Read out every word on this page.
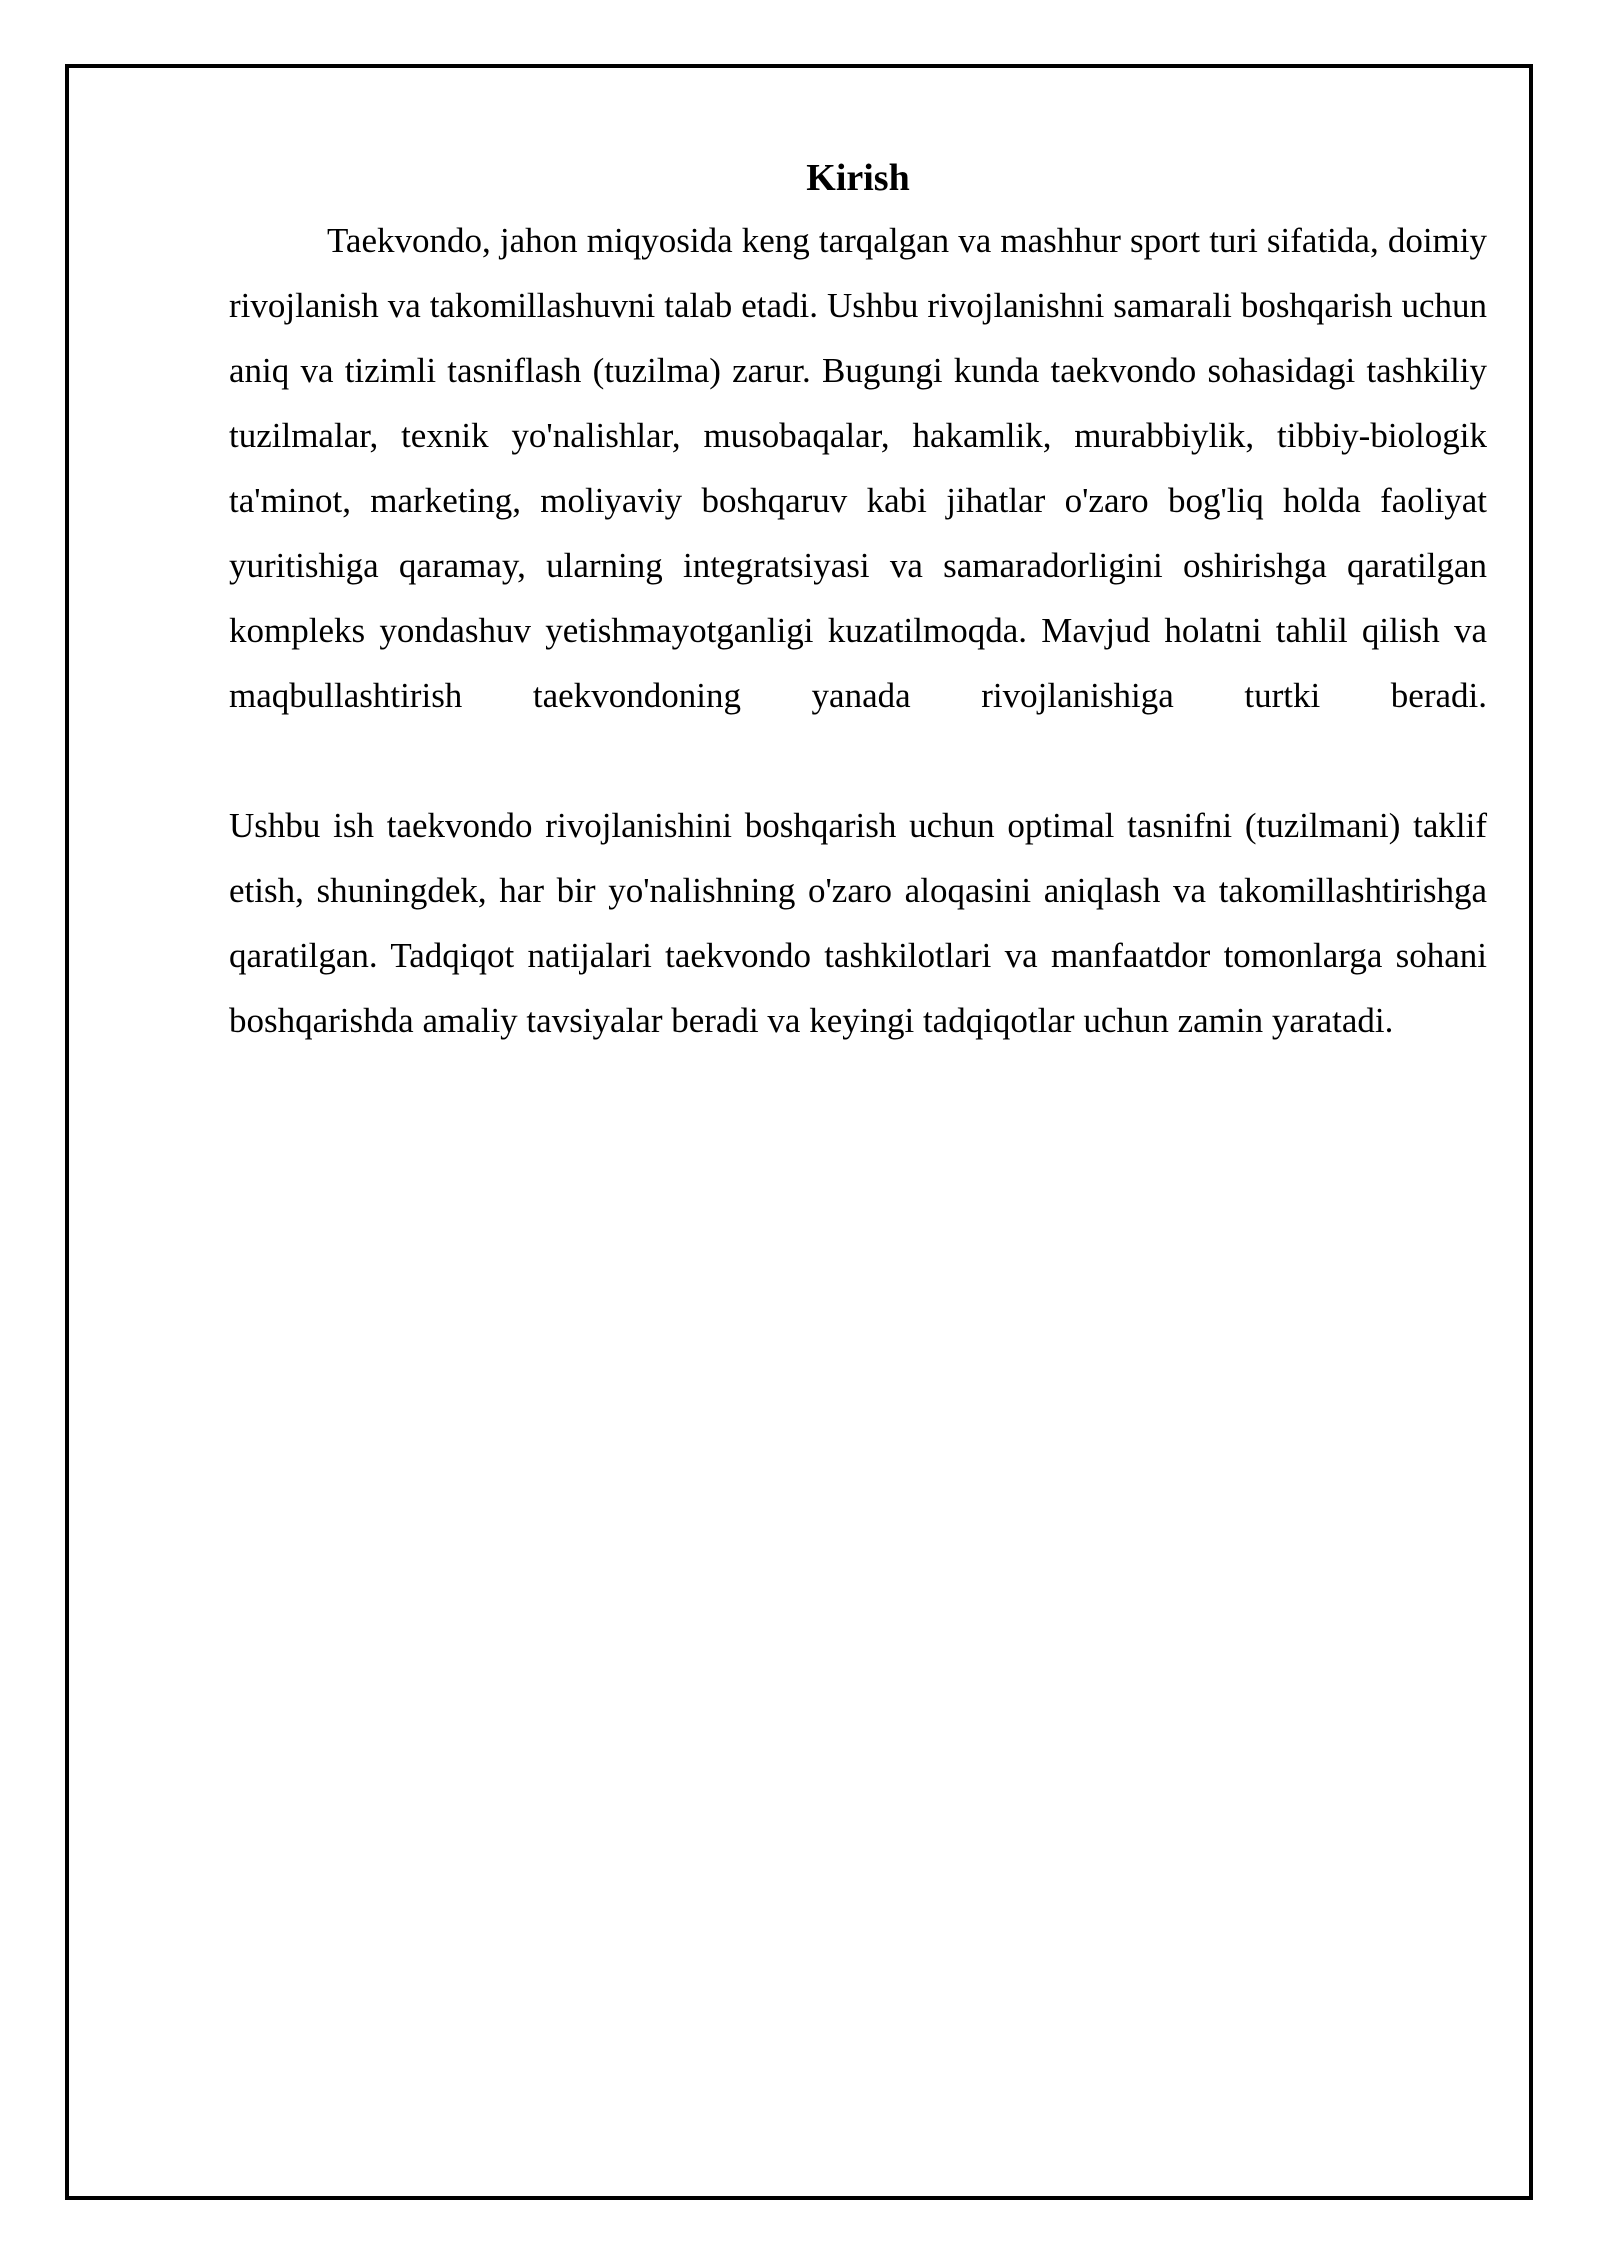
Kirish

Taekvondo, jahon miqyosida keng tarqalgan va mashhur sport turi sifatida, doimiy rivojlanish va takomillashuvni talab etadi. Ushbu rivojlanishni samarali boshqarish uchun aniq va tizimli tasniflash (tuzilma) zarur. Bugungi kunda taekvondo sohasidagi tashkiliy tuzilmalar, texnik yo'nalishlar, musobaqalar, hakamlik, murabbiylik, tibbiy-biologik ta'minot, marketing, moliyaviy boshqaruv kabi jihatlar o'zaro bog'liq holda faoliyat yuritishiga qaramay, ularning integratsiyasi va samaradorligini oshirishga qaratilgan kompleks yondashuv yetishmayotganligi kuzatilmoqda. Mavjud holatni tahlil qilish va maqbullashtirish taekvondoning yanada rivojlanishiga turtki beradi.

Ushbu ish taekvondo rivojlanishini boshqarish uchun optimal tasnifni (tuzilmani) taklif etish, shuningdek, har bir yo'nalishning o'zaro aloqasini aniqlash va takomillashtirishga qaratilgan. Tadqiqot natijalari taekvondo tashkilotlari va manfaatdor tomonlarga sohani boshqarishda amaliy tavsiyalar beradi va keyingi tadqiqotlar uchun zamin yaratadi.
